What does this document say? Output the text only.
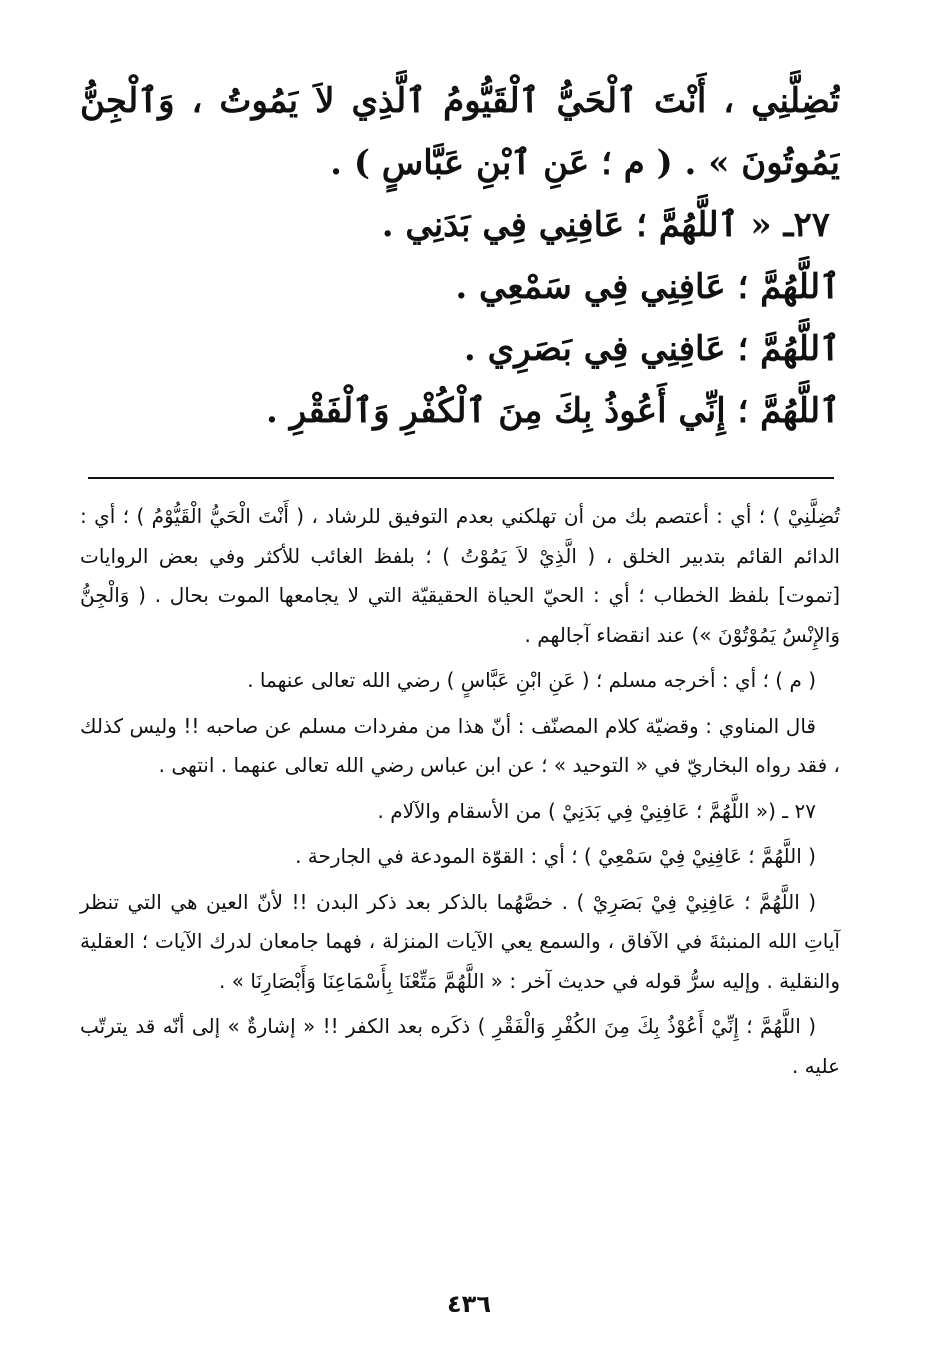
تُضِلَّنِي ، أَنْتَ ٱلْحَيُّ ٱلْقَيُّومُ ٱلَّذِي لاَ يَمُوتُ ، وَٱلْجِنُّ
يَمُوتُونَ » . ( م ؛ عَنِ ٱبْنِ عَبَّاسٍ ) .
٢٧ـ « ٱللَّهُمَّ ؛ عَافِنِي فِي بَدَنِي .
ٱللَّهُمَّ ؛ عَافِنِي فِي سَمْعِي .
ٱللَّهُمَّ ؛ عَافِنِي فِي بَصَرِي .
ٱللَّهُمَّ ؛ إِنِّي أَعُوذُ بِكَ مِنَ ٱلْكُفْرِ وَٱلْفَقْرِ .

تُضِلَّنِيْ ) ؛ أي : أعتصم بك من أن تهلكني بعدم التوفيق للرشاد ، ( أَنْتَ الْحَيُّ الْقَيُّوْمُ ) ؛ أي : الدائم القائم بتدبير الخلق ، ( الَّذِيْ لاَ يَمُوْتُ ) ؛ بلفظ الغائب للأكثر وفي بعض الروايات [تموت] بلفظ الخطاب ؛ أي : الحيّ الحياة الحقيقيّة التي لا يجامعها الموت بحال . ( وَالْجِنُّ وَالإِنْسُ يَمُوْتُوْنَ ») عند انقضاء آجالهم .

( م ) ؛ أي : أخرجه مسلم ؛ ( عَنِ ابْنِ عَبَّاسٍ ) رضي الله تعالى عنهما .

قال المناوي : وقضيّة كلام المصنّف : أنّ هذا من مفردات مسلم عن صاحبه !! وليس كذلك ، فقد رواه البخاريّ في « التوحيد » ؛ عن ابن عباس رضي الله تعالى عنهما . انتهى .

٢٧ ـ (« اللَّهُمَّ ؛ عَافِنِيْ فِي بَدَنِيْ ) من الأسقام والآلام .

( اللَّهُمَّ ؛ عَافِنِيْ فِيْ سَمْعِيْ ) ؛ أي : القوّة المودعة في الجارحة .

( اللَّهُمَّ ؛ عَافِنِيْ فِيْ بَصَرِيْ ) . خصَّهُما بالذكر بعد ذكر البدن !! لأنّ العين هي التي تنظر آياتِ الله المنبثةَ في الآفاق ، والسمع يعي الآيات المنزلة ، فهما جامعان لدرك الآيات ؛ العقلية والنقلية . وإليه سرُّ قوله في حديث آخر : « اللَّهُمَّ مَتِّعْنَا بِأَسْمَاعِنَا وَأَبْصَارِنَا » .

( اللَّهُمَّ ؛ إِنِّيْ أَعُوْذُ بِكَ مِنَ الكُفْرِ وَالْفَقْرِ ) ذكَره بعد الكفر !! « إشارةٌ » إلى أنّه قد يترتّب عليه .

٤٣٦
